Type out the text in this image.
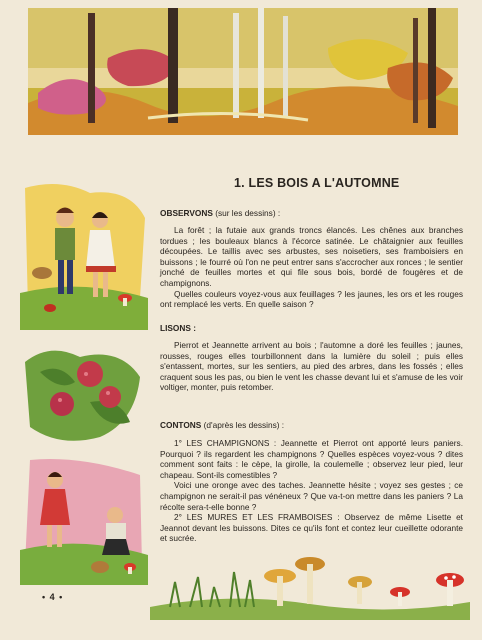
1. LES BOIS A L'AUTOMNE
OBSERVONS (sur les dessins) :

La forêt ; la futaie aux grands troncs élancés. Les chênes aux branches tordues ; les bouleaux blancs à l'écorce satinée. Le châtaignier aux feuilles découpées. Le taillis avec ses arbustes, ses noisetiers, ses framboisiers en buissons ; le fourré où l'on ne peut entrer sans s'accrocher aux ronces ; le sentier jonché de feuilles mortes et qui file sous bois, bordé de fougères et de champignons.

Quelles couleurs voyez-vous aux feuillages ? les jaunes, les ors et les rouges ont remplacé les verts. En quelle saison ?

LISONS :

Pierrot et Jeannette arrivent au bois ; l'automne a doré les feuilles ; jaunes, rousses, rouges elles tourbillonnent dans la lumière du soleil ; puis elles s'entassent, mortes, sur les sentiers, au pied des arbres, dans les fossés ; elles craquent sous les pas, ou bien le vent les chasse devant lui et s'amuse de les voir voltiger, monter, puis retomber.

CONTONS (d'après les dessins) :

1° LES CHAMPIGNONS : Jeannette et Pierrot ont apporté leurs paniers. Pourquoi ? ils regardent les champignons ? Quelles espèces voyez-vous ? dites comment sont faits : le cèpe, la girolle, la coulemelle ; observez leur pied, leur chapeau. Sont-ils comestibles ?

Voici une oronge avec des taches. Jeannette hésite ; voyez ses gestes ; ce champignon ne serait-il pas vénéneux ? Que va-t-on mettre dans les paniers ? La récolte sera-t-elle bonne ?

2° LES MURES ET LES FRAMBOISES : Observez de même Lisette et Jeannot devant les buissons. Dites ce qu'ils font et contez leur cueillette odorante et sucrée.

• 4 •
